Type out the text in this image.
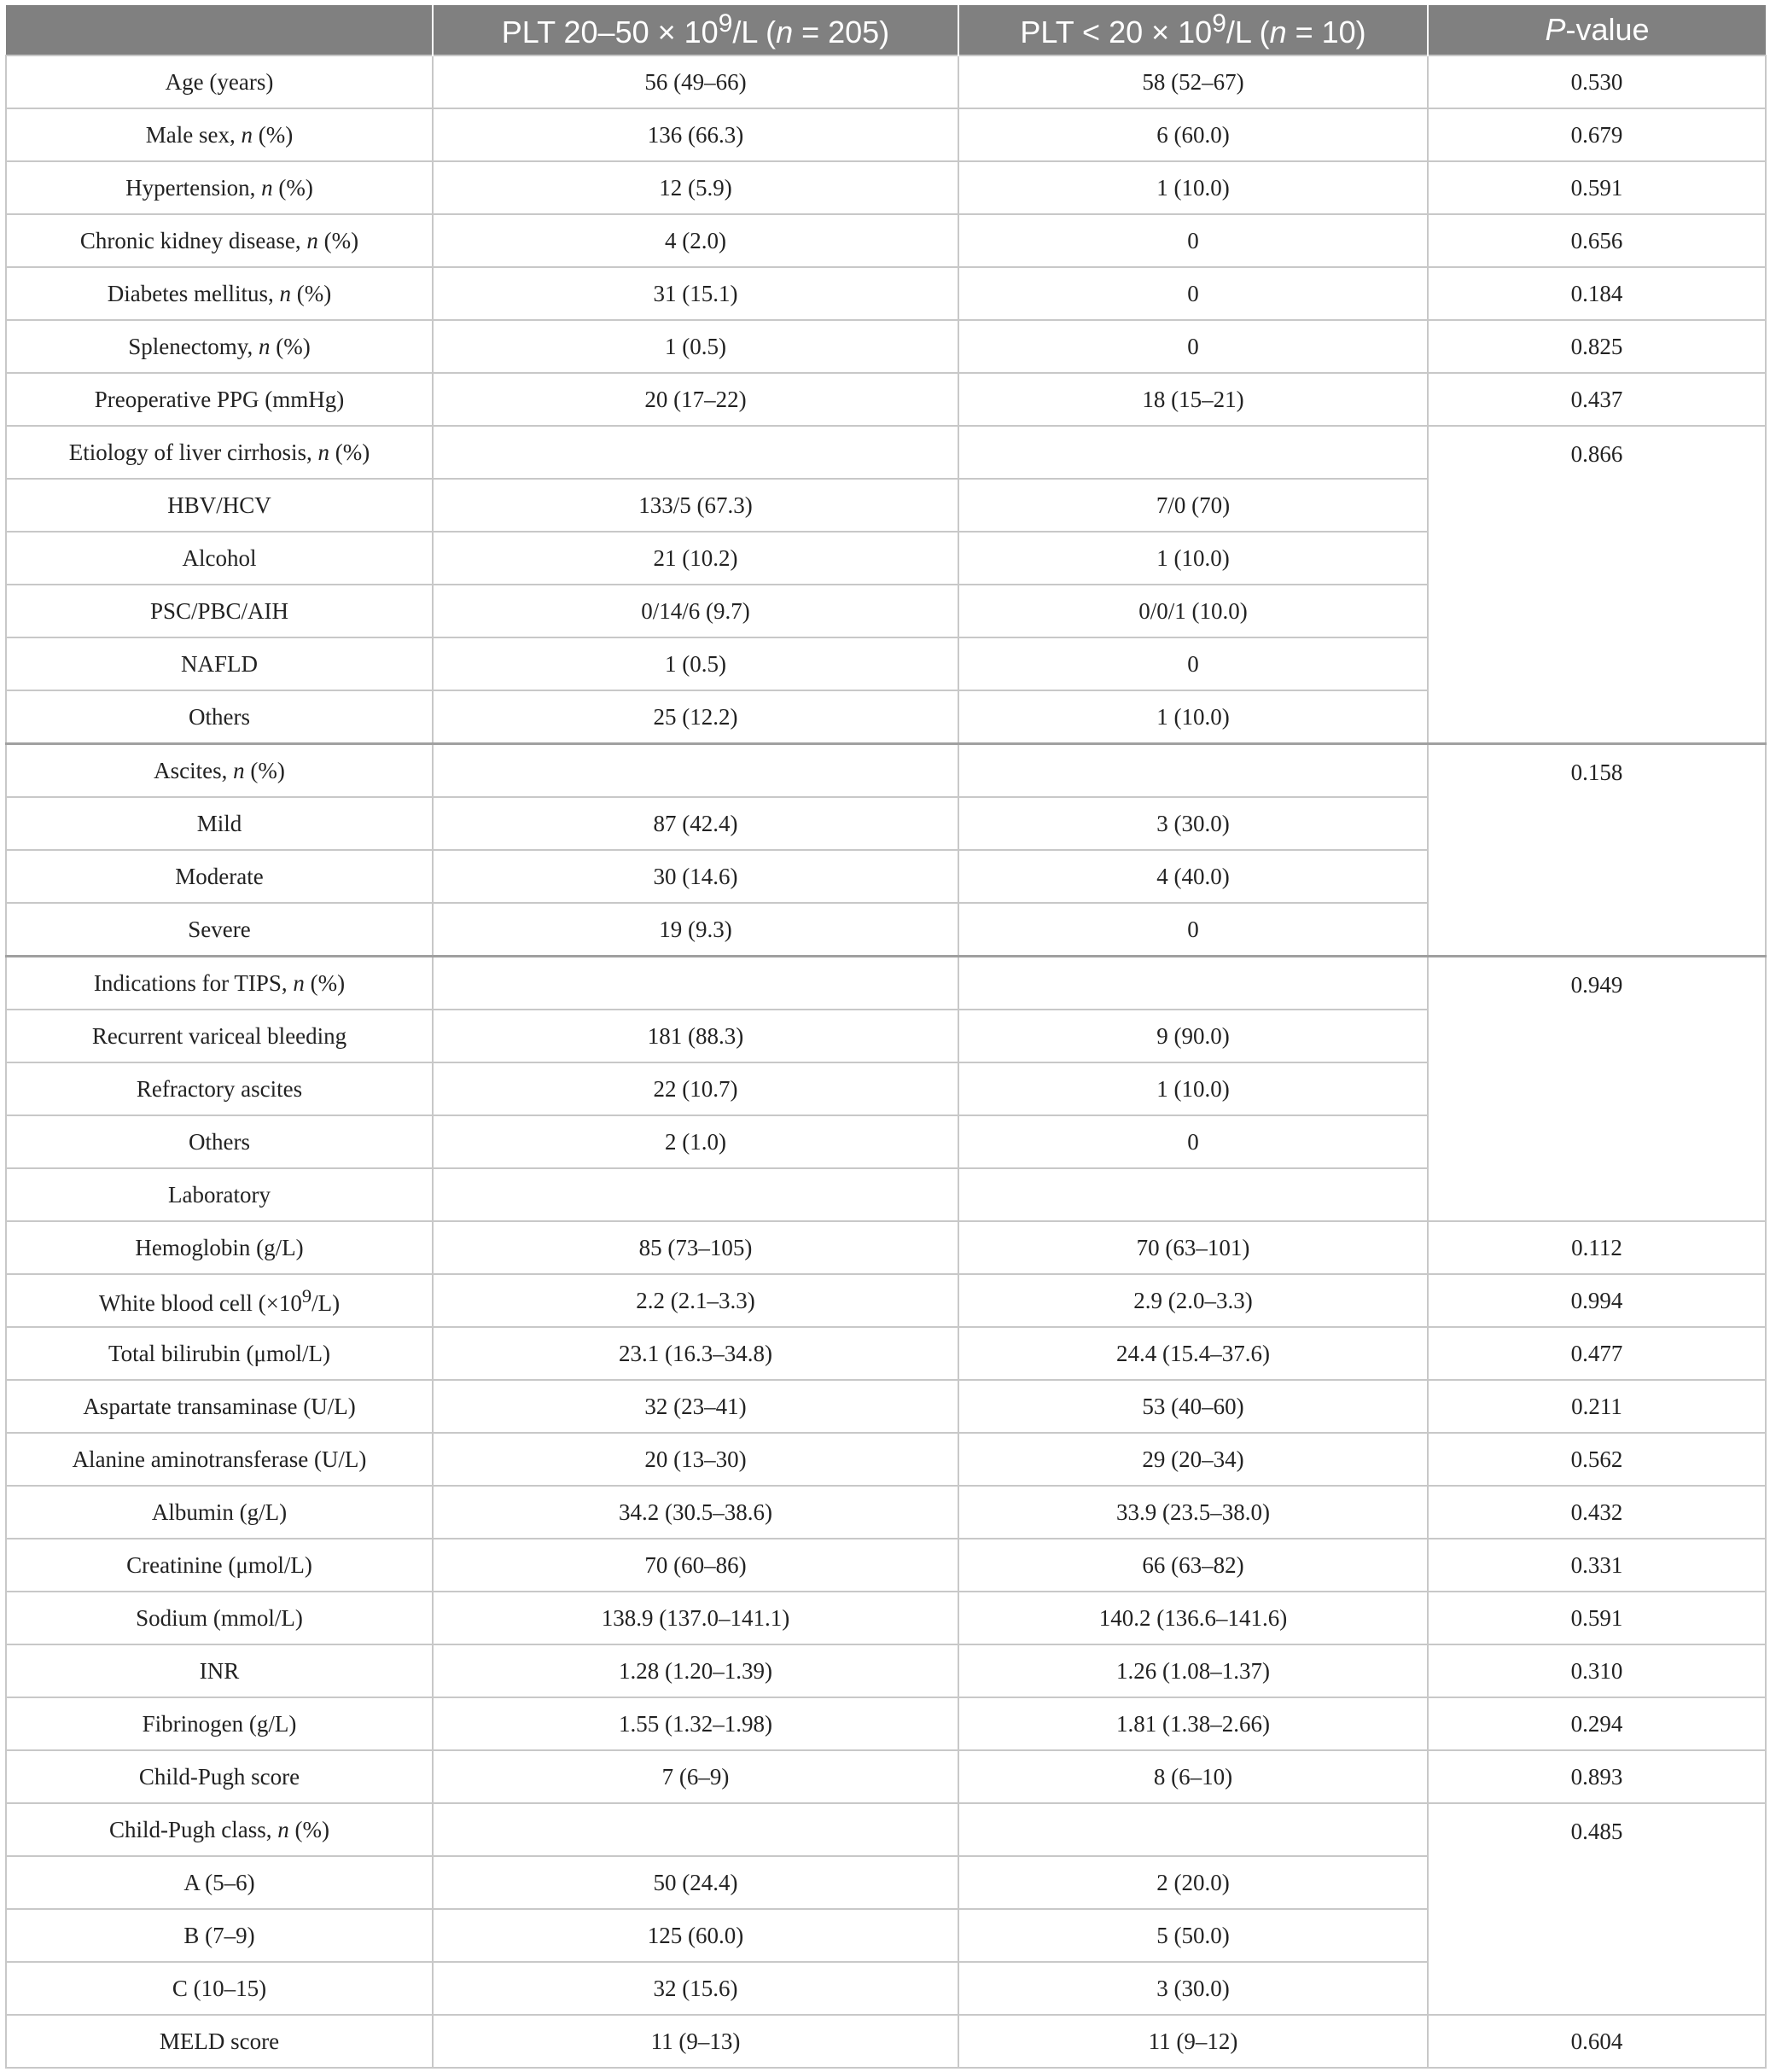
	PLT $20-50 \times 10^9/L$ (n = 205)	PLT < $20 \times 10^9/L$ (n = 10)	P-value
Age (years)	56 (49–66)	58 (52–67)	0.530
Male sex, n (%)	136 (66.3)	6 (60.0)	0.679
Hypertension, n (%)	12 (5.9)	1 (10.0)	0.591
Chronic kidney disease, n (%)	4 (2.0)	0	0.656
Diabetes mellitus, n (%)	31 (15.1)	0	0.184
Splenectomy, n (%)	1 (0.5)	0	0.825
Preoperative PPG (mmHg)	20 (17–22)	18 (15–21)	0.437
Etiology of liver cirrhosis, n (%)			0.866
HBV/HCV	133/5 (67.3)	7/0 (70)	
Alcohol	21 (10.2)	1 (10.0)	
PSC/PBC/AIH	0/14/6 (9.7)	0/0/1 (10.0)	
NAFLD	1 (0.5)	0	
Others	25 (12.2)	1 (10.0)	
Ascites, n (%)			0.158
Mild	87 (42.4)	3 (30.0)	
Moderate	30 (14.6)	4 (40.0)	
Severe	19 (9.3)	0	
Indications for TIPS, n (%)			0.949
Recurrent variceal bleeding	181 (88.3)	9 (90.0)	
Refractory ascites	22 (10.7)	1 (10.0)	
Others	2 (1.0)	0	
Laboratory			
Hemoglobin (g/L)	85 (73–105)	70 (63–101)	0.112
White blood cell $(\times 10^9/L)$	2.2 (2.1–3.3)	2.9 (2.0–3.3)	0.994
Total bilirubin (μmol/L)	23.1 (16.3–34.8)	24.4 (15.4–37.6)	0.477
Aspartate transaminase (U/L)	32 (23–41)	53 (40–60)	0.211
Alanine aminotransferase (U/L)	20 (13–30)	29 (20–34)	0.562
Albumin (g/L)	34.2 (30.5–38.6)	33.9 (23.5–38.0)	0.432
Creatinine (μmol/L)	70 (60–86)	66 (63–82)	0.331
Sodium (mmol/L)	138.9 (137.0–141.1)	140.2 (136.6–141.6)	0.591
INR	1.28 (1.20–1.39)	1.26 (1.08–1.37)	0.310
Fibrinogen (g/L)	1.55 (1.32–1.98)	1.81 (1.38–2.66)	0.294
Child-Pugh score	7 (6–9)	8 (6–10)	0.893
Child-Pugh class, n (%)			0.485
A (5–6)	50 (24.4)	2 (20.0)	
B (7–9)	125 (60.0)	5 (50.0)	
C (10–15)	32 (15.6)	3 (30.0)	
MELD score	11 (9–13)	11 (9–12)	0.604
